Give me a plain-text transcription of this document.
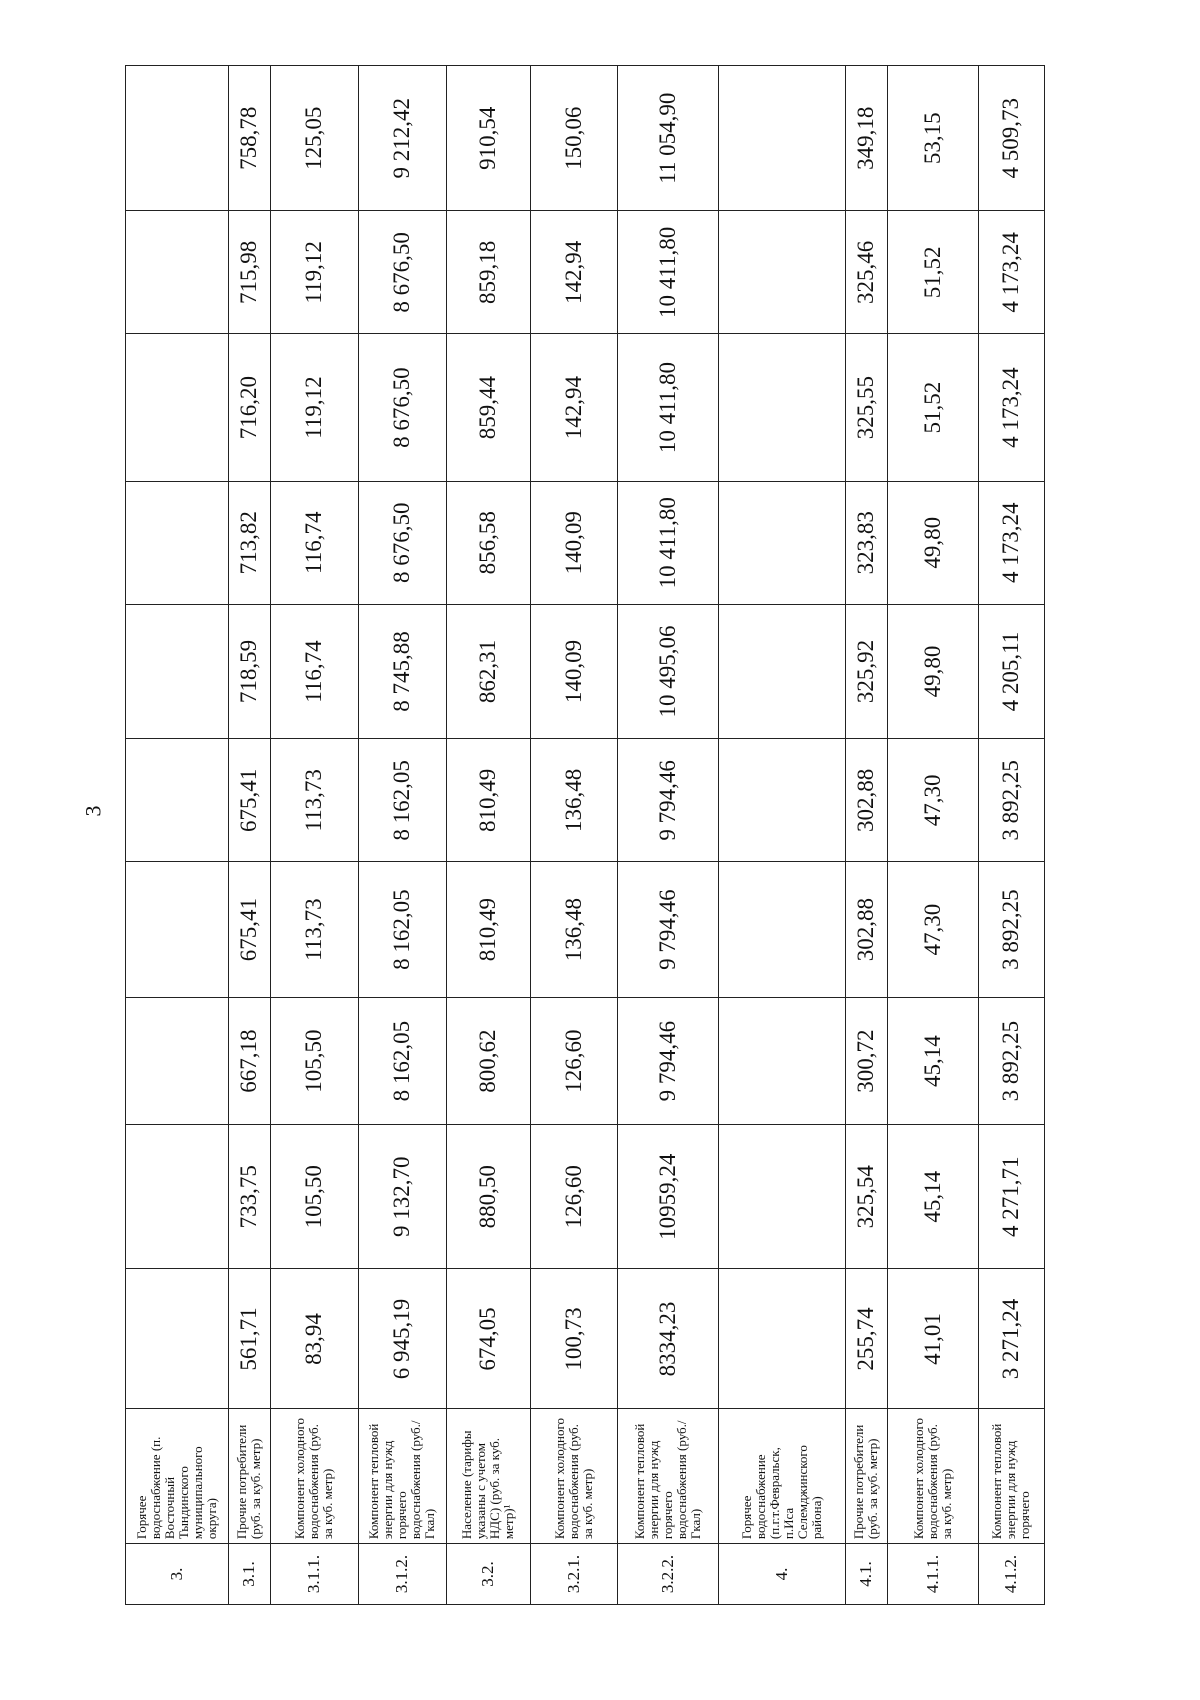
3
3.	Горячее водоснабжение (п. Восточный Тындинского муниципального округа)										
3.1.	Прочие потребители (руб. за куб. метр)	561,71	733,75	667,18	675,41	675,41	718,59	713,82	716,20	715,98	758,78
3.1.1.	Компонент холодного водоснабжения (руб. за куб. метр)	83,94	105,50	105,50	113,73	113,73	116,74	116,74	119,12	119,12	125,05
3.1.2.	Компонент тепловой энергии для нужд горячего водоснабжения (руб./Гкал)	6 945,19	9 132,70	8 162,05	8 162,05	8 162,05	8 745,88	8 676,50	8 676,50	8 676,50	9 212,42
3.2.	Население (тарифы указаны с учетом НДС) (руб. за куб. метр)¹	674,05	880,50	800,62	810,49	810,49	862,31	856,58	859,44	859,18	910,54
3.2.1.	Компонент холодного водоснабжения (руб. за куб. метр)	100,73	126,60	126,60	136,48	136,48	140,09	140,09	142,94	142,94	150,06
3.2.2.	Компонент тепловой энергии для нужд горячего водоснабжения (руб./Гкал)	8334,23	10959,24	9 794,46	9 794,46	9 794,46	10 495,06	10 411,80	10 411,80	10 411,80	11 054,90
4.	Горячее водоснабжение (п.г.т.Февральск, п.Иса Селемджинского района)										
4.1.	Прочие потребители (руб. за куб. метр)	255,74	325,54	300,72	302,88	302,88	325,92	323,83	325,55	325,46	349,18
4.1.1.	Компонент холодного водоснабжения (руб. за куб. метр)	41,01	45,14	45,14	47,30	47,30	49,80	49,80	51,52	51,52	53,15
4.1.2.	Компонент тепловой энергии для нужд горячего	3 271,24	4 271,71	3 892,25	3 892,25	3 892,25	4 205,11	4 173,24	4 173,24	4 173,24	4 509,73
